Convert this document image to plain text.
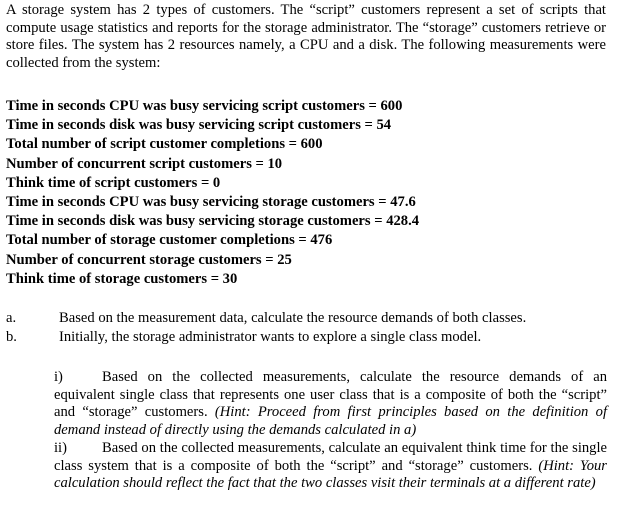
A storage system has 2 types of customers. The “script” customers represent a set of scripts that compute usage statistics and reports for the storage administrator. The “storage” customers retrieve or store files. The system has 2 resources namely, a CPU and a disk. The following measurements were collected from the system:

Time in seconds CPU was busy servicing script customers = 600
Time in seconds disk was busy servicing script customers = 54
Total number of script customer completions = 600
Number of concurrent script customers = 10
Think time of script customers = 0
Time in seconds CPU was busy servicing storage customers = 47.6
Time in seconds disk was busy servicing storage customers = 428.4
Total number of storage customer completions = 476
Number of concurrent storage customers = 25
Think time of storage customers = 30
a.	Based on the measurement data, calculate the resource demands of both classes.
b.	Initially, the storage administrator wants to explore a single class model.

i)	Based on the collected measurements, calculate the resource demands of an equivalent single class that represents one user class that is a composite of both the “script” and “storage” customers. (Hint: Proceed from first principles based on the definition of demand instead of directly using the demands calculated in a)

ii) Based on the collected measurements, calculate an equivalent think time for the single class system that is a composite of both the “script” and “storage” customers. (Hint: Your calculation should reflect the fact that the two classes visit their terminals at a different rate)
